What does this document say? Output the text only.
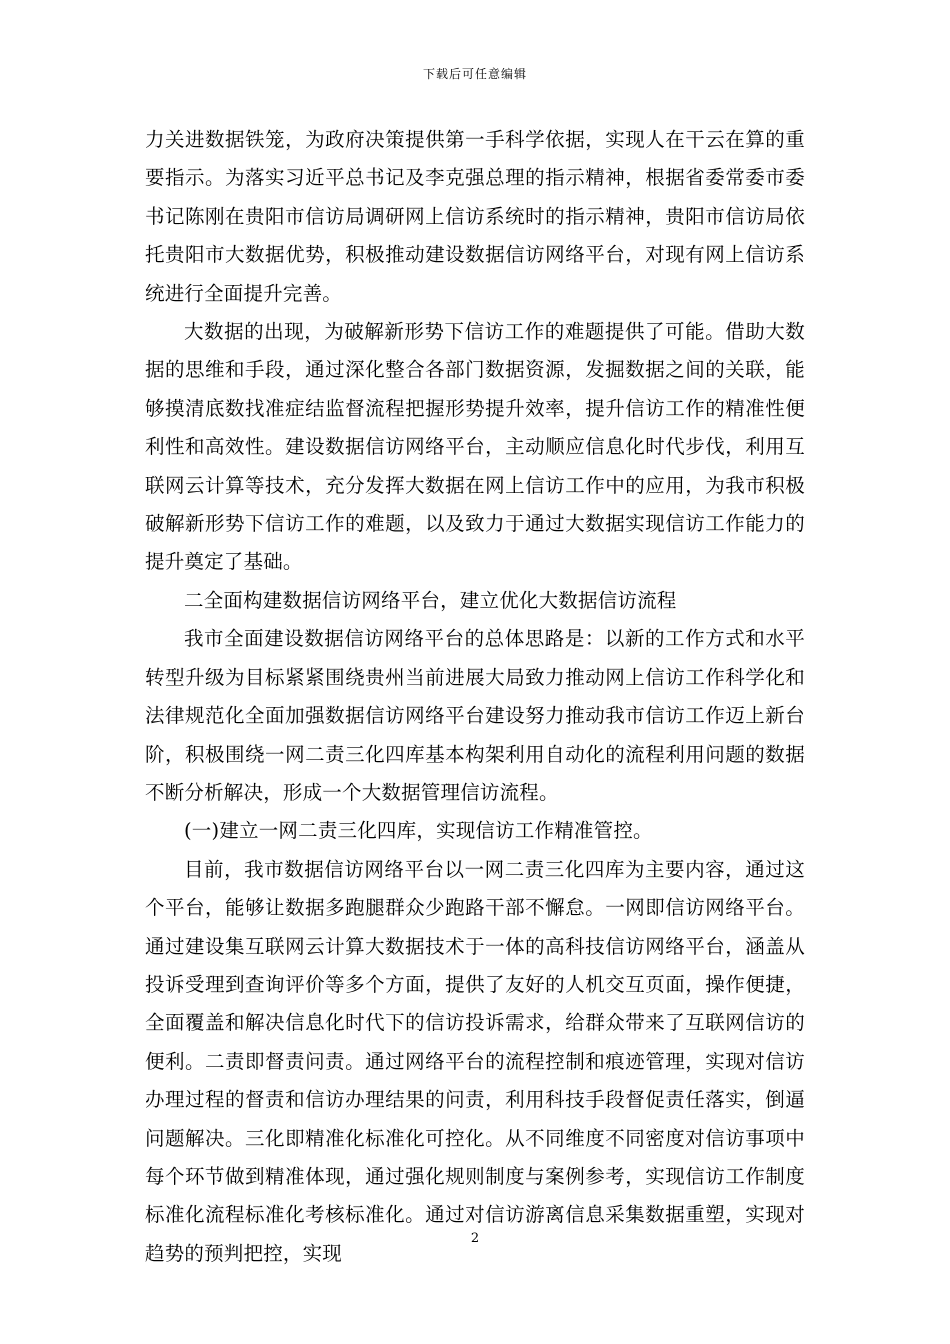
下载后可任意编辑

力关进数据铁笼，为政府决策提供第一手科学依据，实现人在干云在算的重要指示。为落实习近平总书记及李克强总理的指示精神，根据省委常委市委书记陈刚在贵阳市信访局调研网上信访系统时的指示精神，贵阳市信访局依托贵阳市大数据优势，积极推动建设数据信访网络平台，对现有网上信访系统进行全面提升完善。

大数据的出现，为破解新形势下信访工作的难题提供了可能。借助大数据的思维和手段，通过深化整合各部门数据资源，发掘数据之间的关联，能够摸清底数找准症结监督流程把握形势提升效率，提升信访工作的精准性便利性和高效性。建设数据信访网络平台，主动顺应信息化时代步伐，利用互联网云计算等技术，充分发挥大数据在网上信访工作中的应用，为我市积极破解新形势下信访工作的难题，以及致力于通过大数据实现信访工作能力的提升奠定了基础。

二全面构建数据信访网络平台，建立优化大数据信访流程

我市全面建设数据信访网络平台的总体思路是：以新的工作方式和水平转型升级为目标紧紧围绕贵州当前进展大局致力推动网上信访工作科学化和法律规范化全面加强数据信访网络平台建设努力推动我市信访工作迈上新台阶，积极围绕一网二责三化四库基本构架利用自动化的流程利用问题的数据不断分析解决，形成一个大数据管理信访流程。

(一)建立一网二责三化四库，实现信访工作精准管控。

目前，我市数据信访网络平台以一网二责三化四库为主要内容，通过这个平台，能够让数据多跑腿群众少跑路干部不懈怠。一网即信访网络平台。通过建设集互联网云计算大数据技术于一体的高科技信访网络平台，涵盖从投诉受理到查询评价等多个方面，提供了友好的人机交互页面，操作便捷，全面覆盖和解决信息化时代下的信访投诉需求，给群众带来了互联网信访的便利。二责即督责问责。通过网络平台的流程控制和痕迹管理，实现对信访办理过程的督责和信访办理结果的问责，利用科技手段督促责任落实，倒逼问题解决。三化即精准化标准化可控化。从不同维度不同密度对信访事项中每个环节做到精准体现，通过强化规则制度与案例参考，实现信访工作制度标准化流程标准化考核标准化。通过对信访游离信息采集数据重塑，实现对趋势的预判把控，实现

2
